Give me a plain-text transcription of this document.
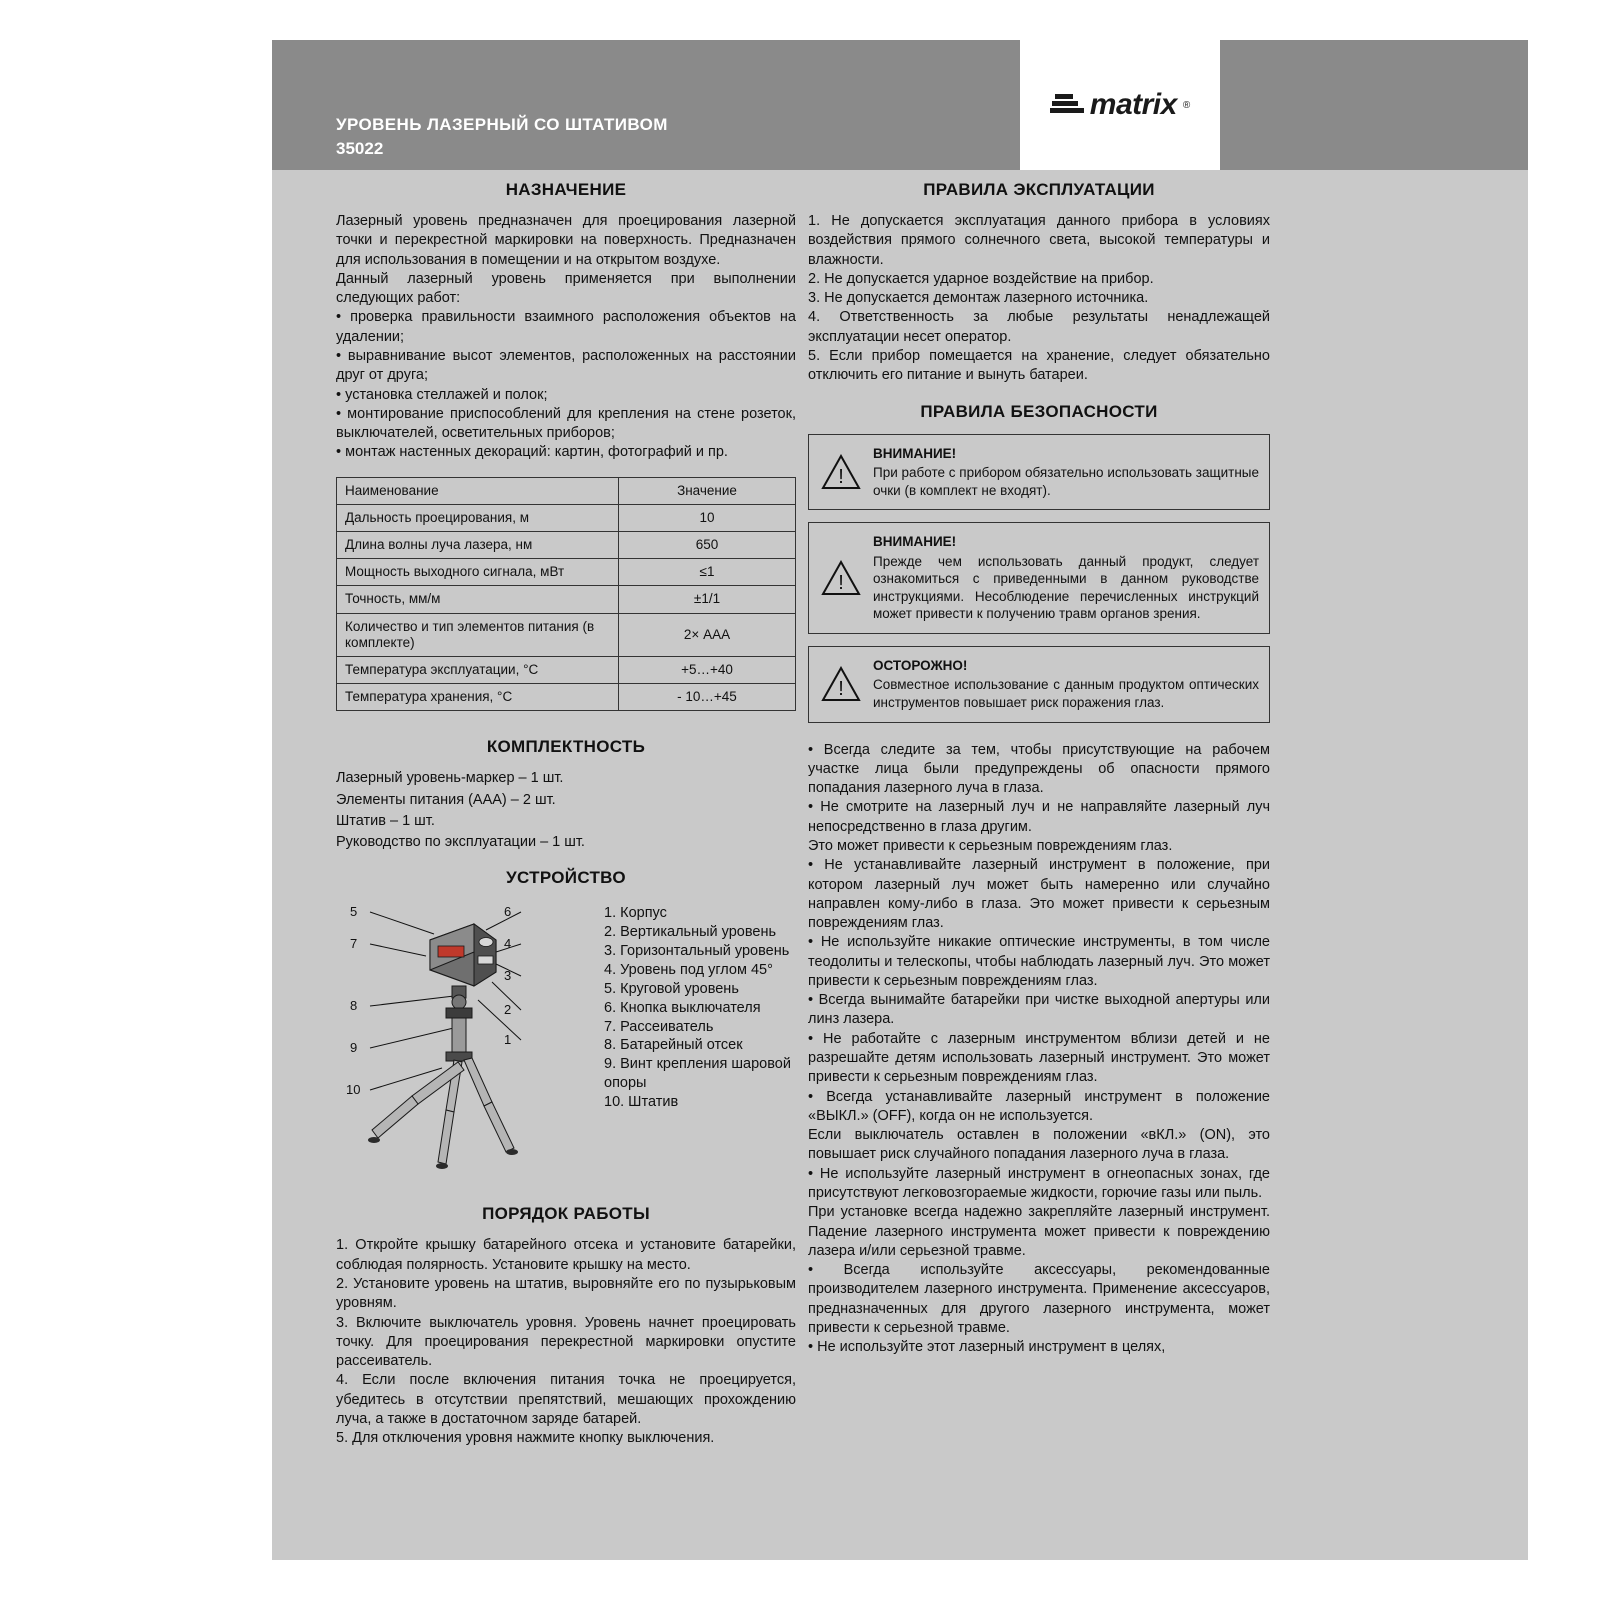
УРОВЕНЬ ЛАЗЕРНЫЙ СО ШТАТИВОМ
35022
matrix ®
НАЗНАЧЕНИЕ

Лазерный уровень предназначен для проецирования лазерной точки и перекрестной маркировки на поверхность. Предназначен для использования в помещении и на открытом воздухе.

Данный лазерный уровень применяется при выполнении следующих работ:

• проверка правильности взаимного расположения объектов на удалении;

• выравнивание высот элементов, расположенных на расстоянии друг от друга;

• установка стеллажей и полок;

• монтирование приспособлений для крепления на стене розеток, выключателей, осветительных приборов;

• монтаж настенных декораций: картин, фотографий и пр.

Наименование	Значение
Дальность проецирования, м	10
Длина волны луча лазера, нм	650
Мощность выходного сигнала, мВт	≤1
Точность, мм/м	±1/1
Количество и тип элементов питания (в комплекте)	2× ААА
Температура эксплуатации, °C	+5…+40
Температура хранения, °C	- 10…+45
КОМПЛЕКТНОСТЬ

Лазерный уровень-маркер – 1 шт.

Элементы питания (ААА) – 2 шт.

Штатив – 1 шт.

Руководство по эксплуатации – 1 шт.

УСТРОЙСТВО
5	6
7	4
3
8	2
1
9
10
1. Корпус
2. Вертикальный уровень
3. Горизонтальный уровень
4. Уровень под углом 45°
5. Круговой уровень
6. Кнопка выключателя
7. Рассеиватель
8. Батарейный отсек
9. Винт крепления шаровой опоры
10. Штатив
ПОРЯДОК РАБОТЫ

1. Откройте крышку батарейного отсека и установите батарейки, соблюдая полярность. Установите крышку на место.

2. Установите уровень на штатив, выровняйте его по пузырьковым уровням.

3. Включите выключатель уровня. Уровень начнет проецировать точку. Для проецирования перекрестной маркировки опустите рассеиватель.

4. Если после включения питания точка не проецируется, убедитесь в отсутствии препятствий, мешающих прохождению луча, а также в достаточном заряде батарей.

5. Для отключения уровня нажмите кнопку выключения.

ПРАВИЛА ЭКСПЛУАТАЦИИ

1. Не допускается эксплуатация данного прибора в условиях воздействия прямого солнечного света, высокой температуры и влажности.

2. Не допускается ударное воздействие на прибор.

3. Не допускается демонтаж лазерного источника.

4. Ответственность за любые результаты ненадлежащей эксплуатации несет оператор.

5. Если прибор помещается на хранение, следует обязательно отключить его питание и вынуть батареи.

ПРАВИЛА БЕЗОПАСНОСТИ
!
ВНИМАНИЕ!
При работе с прибором обязательно использовать защитные очки (в комплект не входят).
!
ВНИМАНИЕ!
Прежде чем использовать данный продукт, следует ознакомиться с приведенными в данном руководстве инструкциями. Несоблюдение перечисленных инструкций может привести к получению травм органов зрения.
!
ОСТОРОЖНО!
Совместное использование с данным продуктом оптических инструментов повышает риск поражения глаз.

• Всегда следите за тем, чтобы присутствующие на рабочем участке лица были предупреждены об опасности прямого попадания лазерного луча в глаза.

• Не смотрите на лазерный луч и не направляйте лазерный луч непосредственно в глаза другим.

Это может привести к серьезным повреждениям глаз.

• Не устанавливайте лазерный инструмент в положение, при котором лазерный луч может быть намеренно или случайно направлен кому-либо в глаза. Это может привести к серьезным повреждениям глаз.

• Не используйте никакие оптические инструменты, в том числе теодолиты и телескопы, чтобы наблюдать лазерный луч. Это может привести к серьезным повреждениям глаз.

• Всегда вынимайте батарейки при чистке выходной апертуры или линз лазера.

• Не работайте с лазерным инструментом вблизи детей и не разрешайте детям использовать лазерный инструмент. Это может привести к серьезным повреждениям глаз.

• Всегда устанавливайте лазерный инструмент в положение «ВЫКЛ.» (OFF), когда он не используется.

Если выключатель оставлен в положении «вКЛ.» (ON), это повышает риск случайного попадания лазерного луча в глаза.

• Не используйте лазерный инструмент в огнеопасных зонах, где присутствуют легковозгораемые жидкости, горючие газы или пыль.

При установке всегда надежно закрепляйте лазерный инструмент. Падение лазерного инструмента может привести к повреждению лазера и/или серьезной травме.

• Всегда используйте аксессуары, рекомендованные производителем лазерного инструмента. Применение аксессуаров, предназначенных для другого лазерного инструмента, может привести к серьезной травме.

• Не используйте этот лазерный инструмент в целях,
